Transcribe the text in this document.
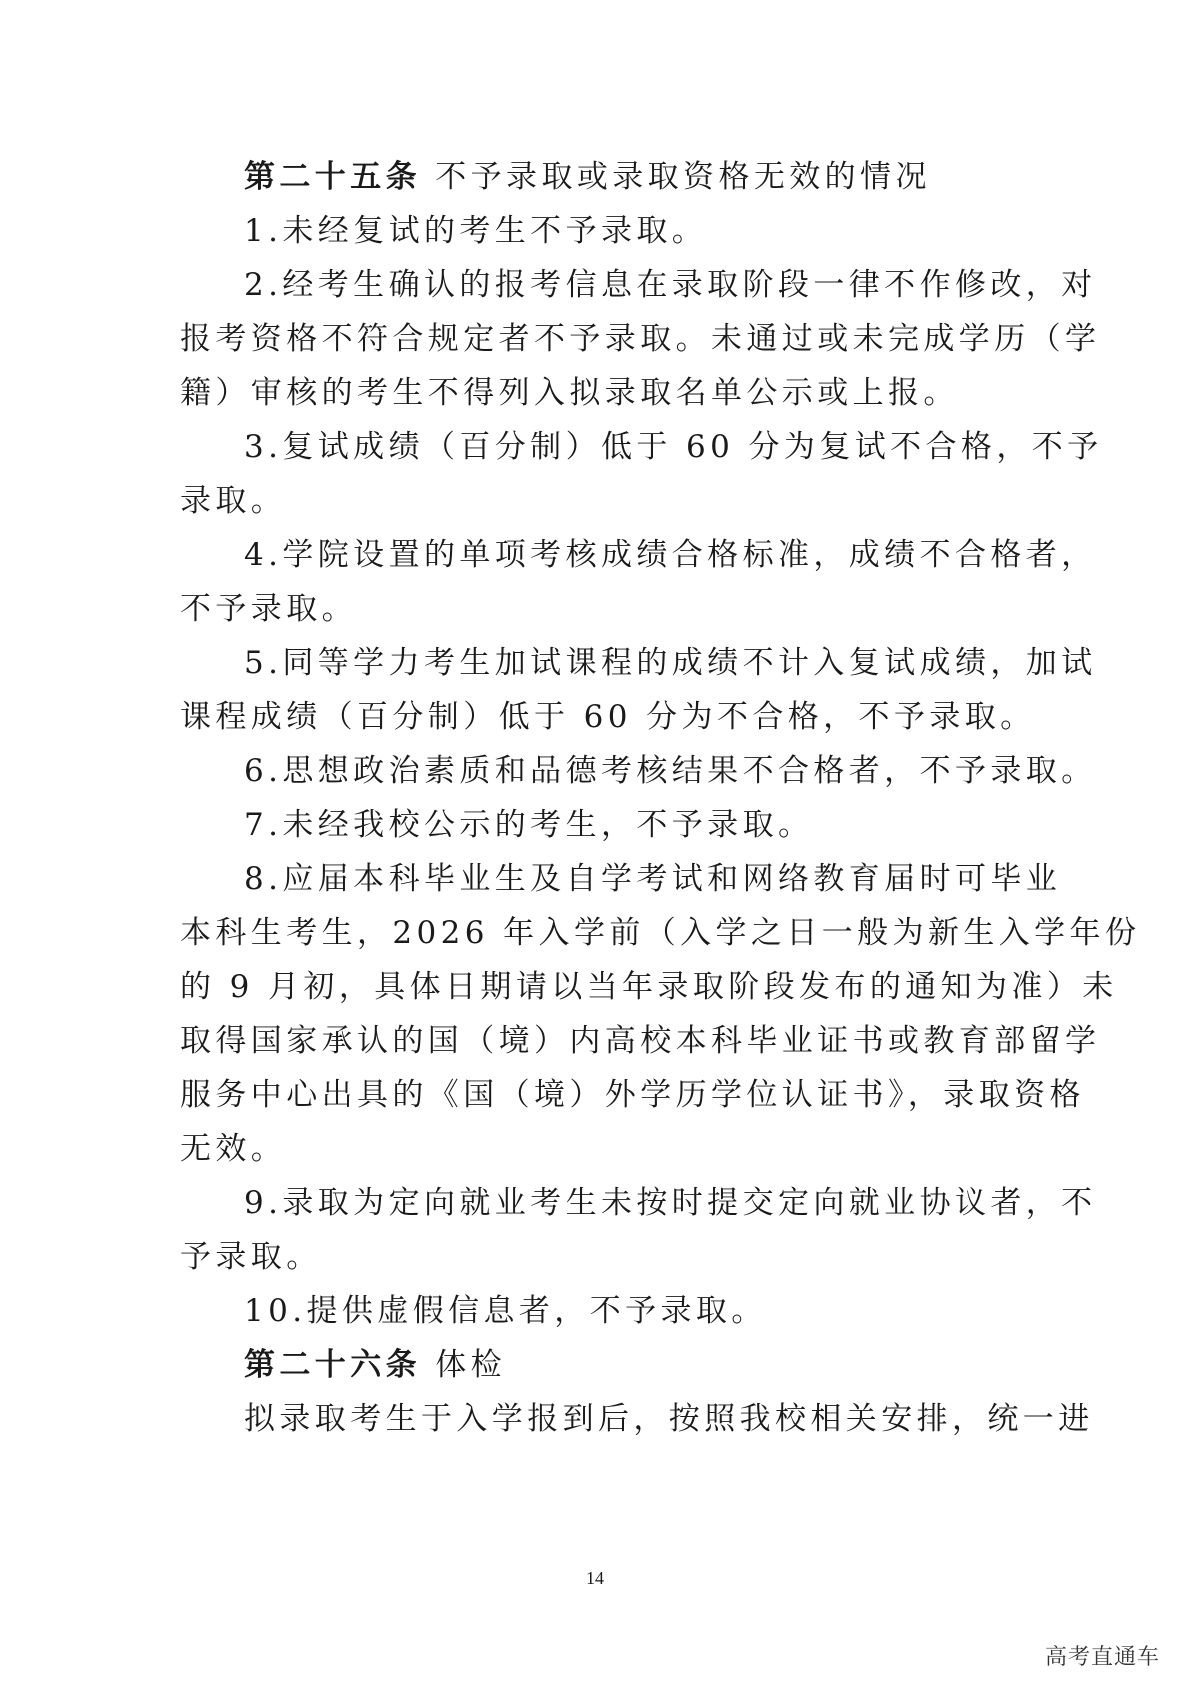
第二十五条 不予录取或录取资格无效的情况
1.未经复试的考生不予录取。
2.经考生确认的报考信息在录取阶段一律不作修改，对
报考资格不符合规定者不予录取。未通过或未完成学历（学
籍）审核的考生不得列入拟录取名单公示或上报。
3.复试成绩（百分制）低于 60 分为复试不合格，不予
录取。
4.学院设置的单项考核成绩合格标准，成绩不合格者，
不予录取。
5.同等学力考生加试课程的成绩不计入复试成绩，加试
课程成绩（百分制）低于 60 分为不合格，不予录取。
6.思想政治素质和品德考核结果不合格者，不予录取。
7.未经我校公示的考生，不予录取。
8.应届本科毕业生及自学考试和网络教育届时可毕业
本科生考生，2026 年入学前（入学之日一般为新生入学年份
的 9 月初，具体日期请以当年录取阶段发布的通知为准）未
取得国家承认的国（境）内高校本科毕业证书或教育部留学
服务中心出具的《国（境）外学历学位认证书》，录取资格
无效。
9.录取为定向就业考生未按时提交定向就业协议者，不
予录取。
10.提供虚假信息者，不予录取。
第二十六条 体检
拟录取考生于入学报到后，按照我校相关安排，统一进
14
高考直通车
